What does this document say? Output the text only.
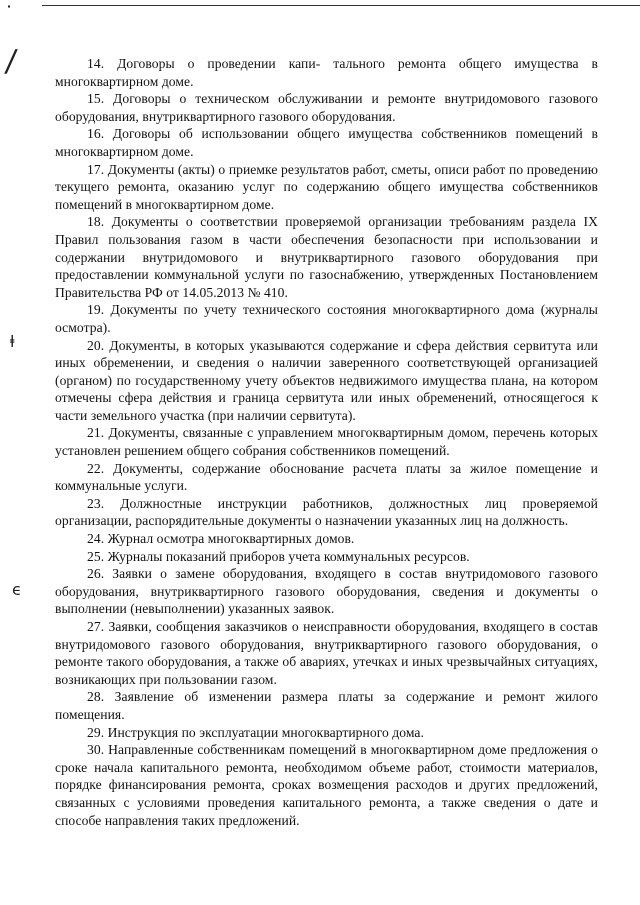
˙
/
ⱡ
ϵ

14. Договоры о проведении капи- тального ремонта общего имущества в многоквартирном доме.

15. Договоры о техническом обслуживании и ремонте внутридомового газового оборудования, внутриквартирного газового оборудования.

16. Договоры об использовании общего имущества собственников помещений в многоквартирном доме.

17. Документы (акты) о приемке результатов работ, сметы, описи работ по проведению текущего ремонта, оказанию услуг по содержанию общего имущества собственников помещений в многоквартирном доме.

18. Документы о соответствии проверяемой организации требованиям раздела IX Правил пользования газом в части обеспечения безопасности при использовании и содержании внутридомового и внутриквартирного газового оборудования при предоставлении коммунальной услуги по газоснабжению, утвержденных Постановлением Правительства РФ от 14.05.2013 № 410.

19. Документы по учету технического состояния многоквартирного дома (журналы осмотра).

20. Документы, в которых указываются содержание и сфера действия сервитута или иных обременении, и сведения о наличии заверенного соответствующей организацией (органом) по государственному учету объектов недвижимого имущества плана, на котором отмечены сфера действия и граница сервитута или иных обременений, относящегося к части земельного участка (при наличии сервитута).

21. Документы, связанные с управлением многоквартирным домом, перечень которых установлен решением общего собрания собственников помещений.

22. Документы, содержание обоснование расчета платы за жилое помещение и коммунальные услуги.

23. Должностные инструкции работников, должностных лиц проверяемой организации, распорядительные документы о назначении указанных лиц на должность.

24. Журнал осмотра многоквартирных домов.

25. Журналы показаний приборов учета коммунальных ресурсов.

26. Заявки о замене оборудования, входящего в состав внутридомового газового оборудования, внутриквартирного газового оборудования, сведения и документы о выполнении (невыполнении) указанных заявок.

27. Заявки, сообщения заказчиков о неисправности оборудования, входящего в состав внутридомового газового оборудования, внутриквартирного газового оборудования, о ремонте такого оборудования, а также об авариях, утечках и иных чрезвычайных ситуациях, возникающих при пользовании газом.

28. Заявление об изменении размера платы за содержание и ремонт жилого помещения.

29. Инструкция по эксплуатации многоквартирного дома.

30. Направленные собственникам помещений в многоквартирном доме предложения о сроке начала капитального ремонта, необходимом объеме работ, стоимости материалов, порядке финансирования ремонта, сроках возмещения расходов и других предложений, связанных с условиями проведения капитального ремонта, а также сведения о дате и способе направления таких предложений.
